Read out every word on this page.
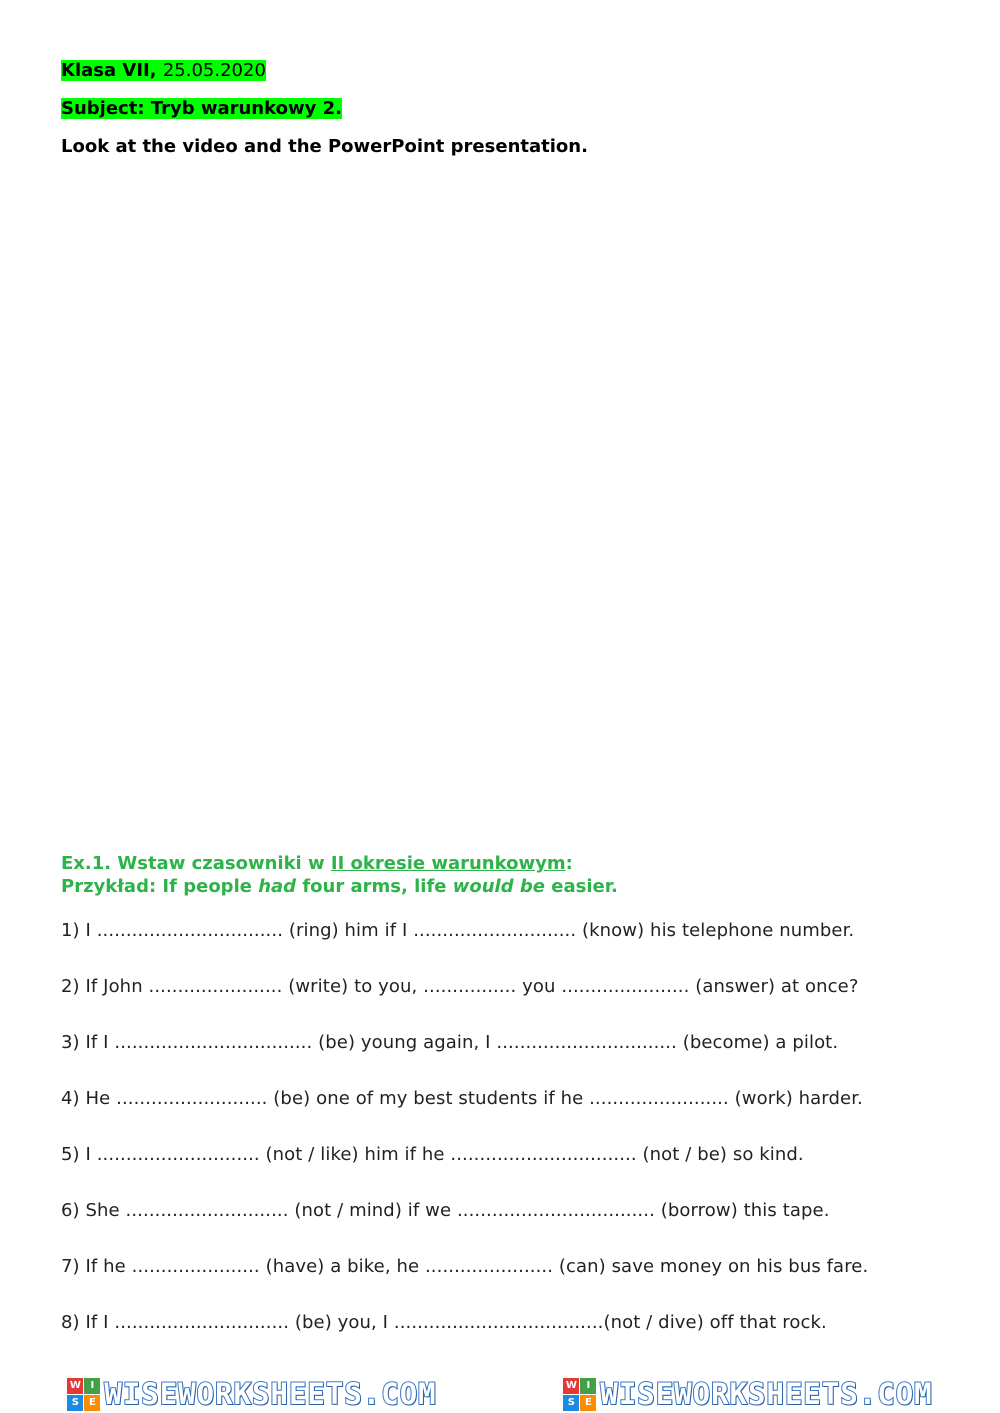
Klasa VII, 25.05.2020
Subject: Tryb warunkowy 2.
Look at the video and the PowerPoint presentation.
Ex.1. Wstaw czasowniki w II okresie warunkowym:
Przykład: If people had four arms, life would be easier.
1) I ................................ (ring) him if I ............................ (know) his telephone number.
2) If John ....................... (write) to you, ................ you ...................... (answer) at once?
3) If I .................................. (be) young again, I ............................... (become) a pilot.
4) He .......................... (be) one of my best students if he ........................ (work) harder.
5) I ............................ (not / like) him if he ................................ (not / be) so kind.
6) She ............................ (not / mind) if we .................................. (borrow) this tape.
7) If he ...................... (have) a bike, he ...................... (can) save money on his bus fare.
8) If I .............................. (be) you, I ....................................(not / dive) off that rock.
W I
S E WISEWORKSHEETS.COM	W I
S E WISEWORKSHEETS.COM
